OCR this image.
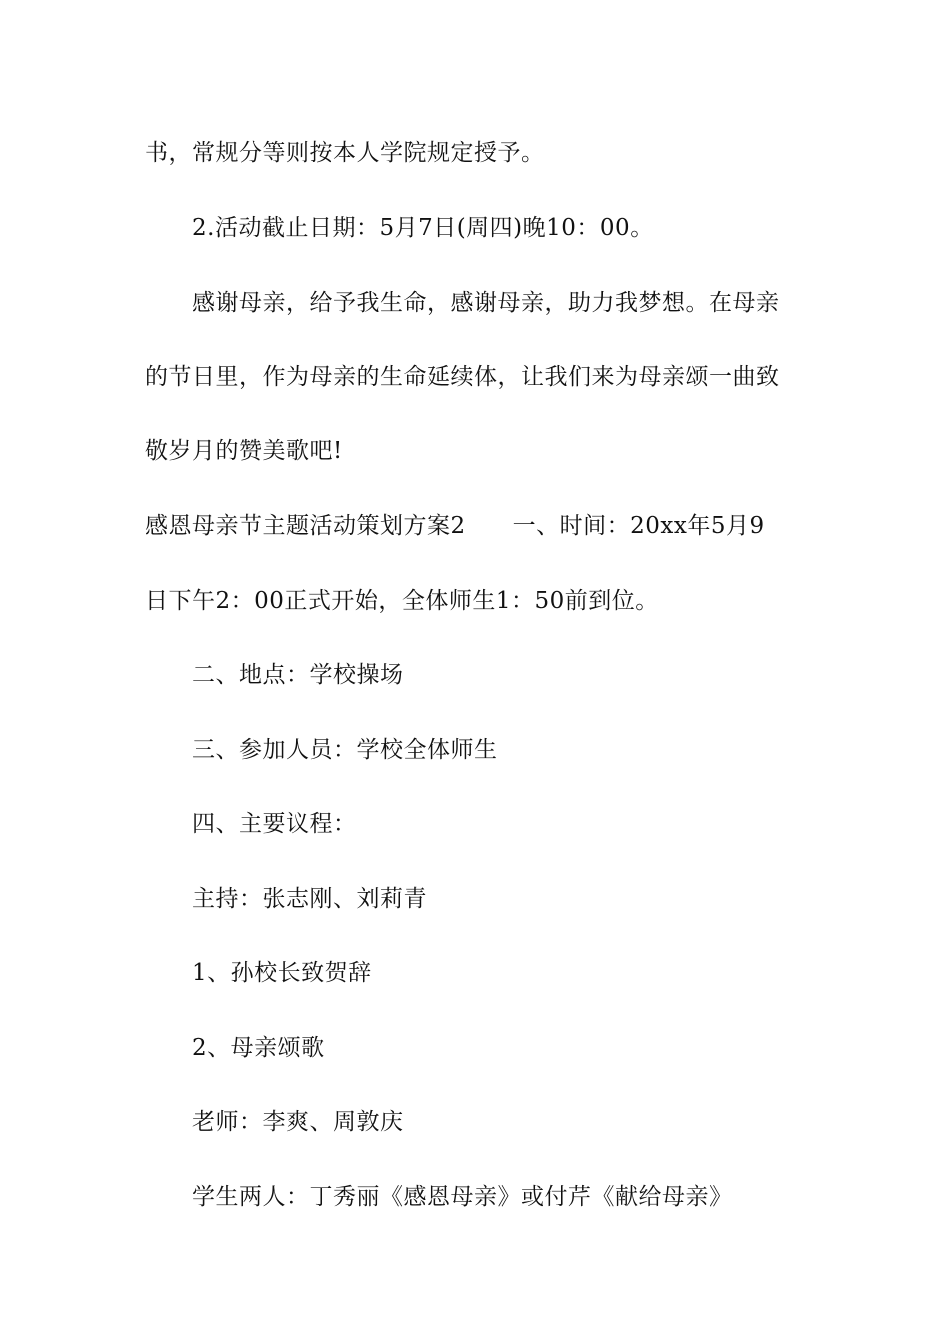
书，常规分等则按本人学院规定授予。
2.活动截止日期：5月7日(周四)晚10：00。
感谢母亲，给予我生命，感谢母亲，助力我梦想。在母亲
的节日里，作为母亲的生命延续体，让我们来为母亲颂一曲致
敬岁月的赞美歌吧!
感恩母亲节主题活动策划方案2　　一、时间：20xx年5月9
日下午2：00正式开始，全体师生1：50前到位。
二、地点：学校操场
三、参加人员：学校全体师生
四、主要议程：
主持：张志刚、刘莉青
1、孙校长致贺辞
2、母亲颂歌
老师：李爽、周敦庆
学生两人：丁秀丽《感恩母亲》或付芹《献给母亲》
